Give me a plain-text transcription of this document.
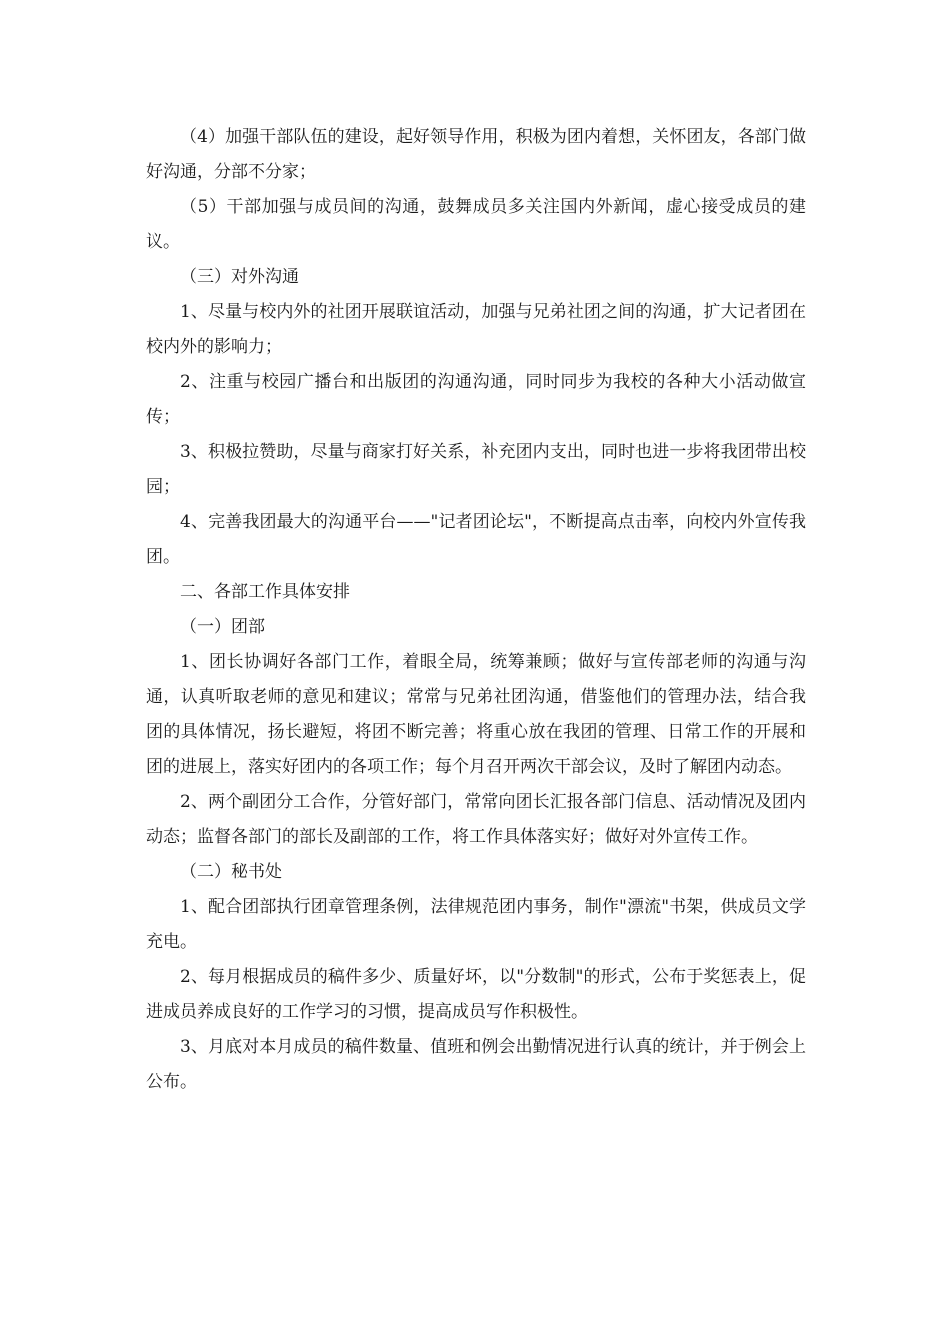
（4）加强干部队伍的建设，起好领导作用，积极为团内着想，关怀团友，各部门做好沟通，分部不分家；

（5）干部加强与成员间的沟通，鼓舞成员多关注国内外新闻，虚心接受成员的建议。

（三）对外沟通

1、尽量与校内外的社团开展联谊活动，加强与兄弟社团之间的沟通，扩大记者团在校内外的影响力；

2、注重与校园广播台和出版团的沟通沟通，同时同步为我校的各种大小活动做宣传；

3、积极拉赞助，尽量与商家打好关系，补充团内支出，同时也进一步将我团带出校园；

4、完善我团最大的沟通平台——"记者团论坛"，不断提高点击率，向校内外宣传我团。

二、各部工作具体安排

（一）团部

1、团长协调好各部门工作，着眼全局，统筹兼顾；做好与宣传部老师的沟通与沟通，认真听取老师的意见和建议；常常与兄弟社团沟通，借鉴他们的管理办法，结合我团的具体情况，扬长避短，将团不断完善；将重心放在我团的管理、日常工作的开展和团的进展上，落实好团内的各项工作；每个月召开两次干部会议，及时了解团内动态。

2、两个副团分工合作，分管好部门，常常向团长汇报各部门信息、活动情况及团内动态；监督各部门的部长及副部的工作，将工作具体落实好；做好对外宣传工作。

（二）秘书处

1、配合团部执行团章管理条例，法律规范团内事务，制作"漂流"书架，供成员文学充电。

2、每月根据成员的稿件多少、质量好坏，以"分数制"的形式，公布于奖惩表上，促进成员养成良好的工作学习的习惯，提高成员写作积极性。

3、月底对本月成员的稿件数量、值班和例会出勤情况进行认真的统计，并于例会上公布。
